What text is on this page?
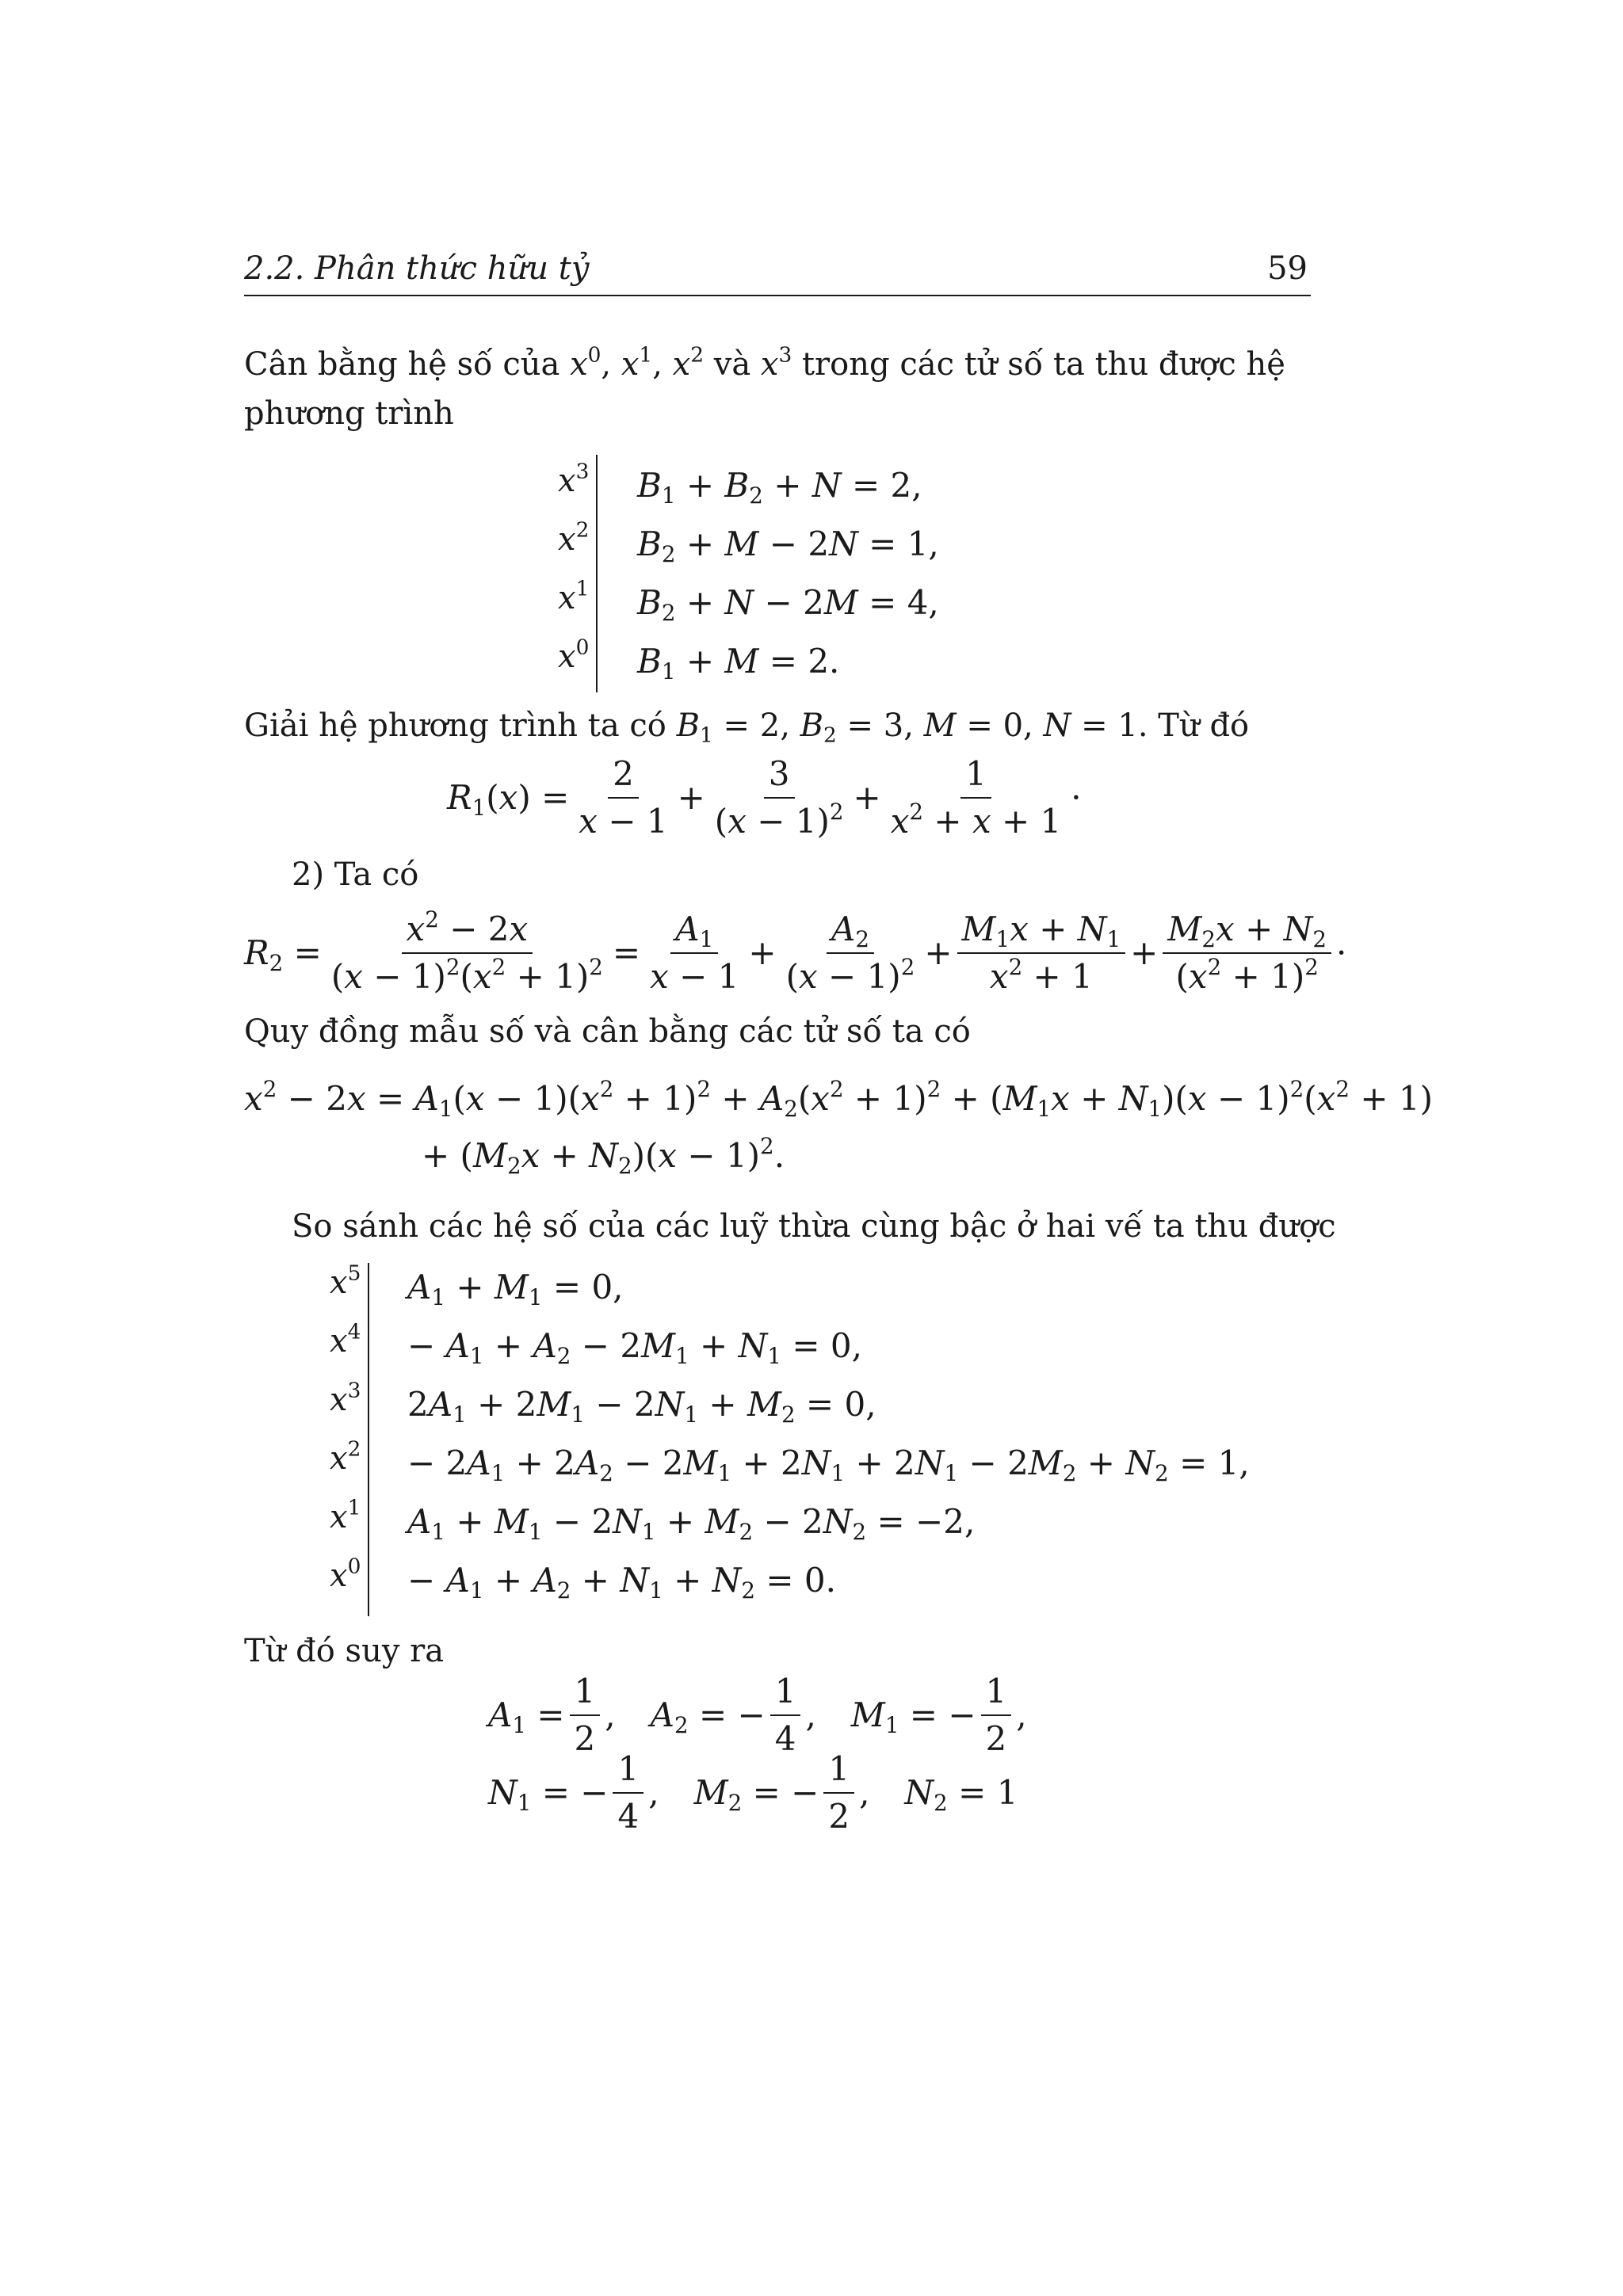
2.2. Phân thức hữu tỷ	59
Cân bằng hệ số của $x^0$, $x^1$, $x^2$ và $x^3$ trong các tử số ta thu được hệ
phương trình
$x^3$
$x^2$
$x^1$
$x^0$
$B_1 + B_2 + N = 2$,
$B_2 + M - 2N = 1$,
$B_2 + N - 2M = 4$,
$B_1 + M = 2$.
Giải hệ phương trình ta có $B_1 = 2$, $B_2 = 3$, M = 0, N = 1. Từ đó
$R_1(x) = \frac{2}{x - 1} + \frac{3}{(x - 1)^2} + \frac{1}{x^2 + x + 1}$ ·
2) Ta có
$R_2 = \frac{x^2 - 2x}{(x - 1)^2(x^2 + 1)^2} = \frac{A_1}{x - 1} + \frac{A_2}{(x - 1)^2} + \frac{M_1x + N_1}{x^2 + 1} + \frac{M_2x + N_2}{(x^2 + 1)^2}$ ·
Quy đồng mẫu số và cân bằng các tử số ta có
$x^2 - 2x = A_1(x - 1)(x^2 + 1)^2 + A_2(x^2 + 1)^2 + (M_1x + N_1)(x - 1)^2(x^2 + 1)$
+ $(M_2x + N_2)(x - 1)^2$.
So sánh các hệ số của các luỹ thừa cùng bậc ở hai vế ta thu được
$x^5$
$x^4$
$x^3$
$x^2$
$x^1$
$x^0$
$A_1 + M_1 = 0$,
− $A_1 + A_2 - 2M_1 + N_1 = 0$,
$2A_1 + 2M_1 - 2N_1 + M_2 = 0$,
− $2A_1 + 2A_2 - 2M_1 + 2N_1 + 2N_1 - 2M_2 + N_2 = 1$,
$A_1 + M_1 - 2N_1 + M_2 - 2N_2 = -2$,
− $A_1 + A_2 + N_1 + N_2 = 0$.
Từ đó suy ra
$A_1 = \frac{1}{2}$ , $A_2$ = − $\frac{1}{4}$ , $M_1$ = − $\frac{1}{2}$ ,
$N_1$ = − $\frac{1}{4}$ , $M_2$ = − $\frac{1}{2}$ , $N_2 = 1$
